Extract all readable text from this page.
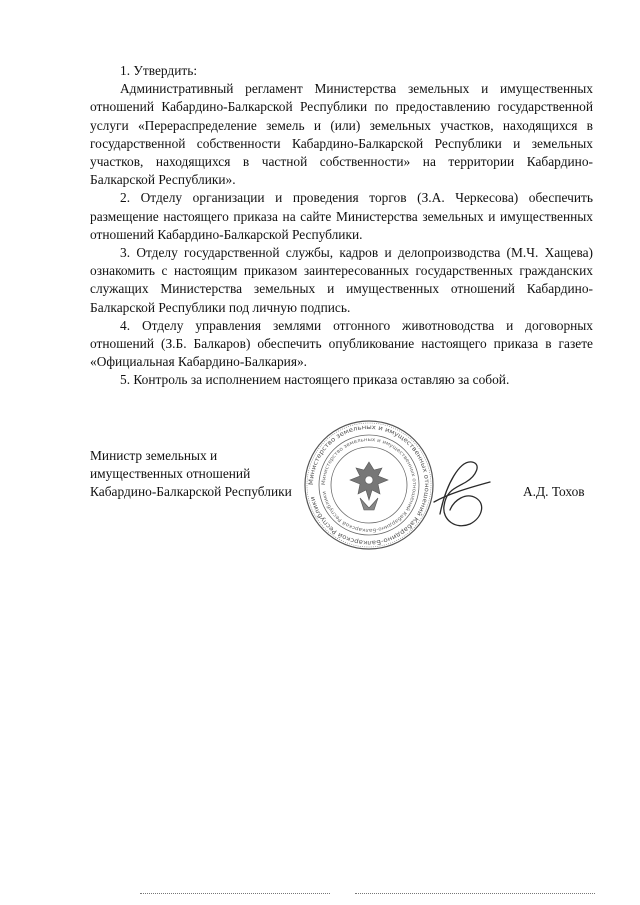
1. Утвердить:

Административный регламент Министерства земельных и имущественных отношений Кабардино-Балкарской Республики по предоставлению государственной услуги «Перераспределение земель и (или) земельных участков, находящихся в государственной собственности Кабардино-Балкарской Республики и земельных участков, находящихся в частной собственности» на территории Кабардино-Балкарской Республики».

2. Отделу организации и проведения торгов (З.А. Черкесова) обеспечить размещение настоящего приказа на сайте Министерства земельных и имущественных отношений Кабардино-Балкарской Республики.

3. Отделу государственной службы, кадров и делопроизводства (М.Ч. Хащева) ознакомить с настоящим приказом заинтересованных государственных гражданских служащих Министерства земельных и имущественных отношений Кабардино-Балкарской Республики под личную подпись.

4. Отделу управления землями отгонного животноводства и договорных отношений (З.Б. Балкаров) обеспечить опубликование настоящего приказа в газете «Официальная Кабардино-Балкария».

5. Контроль за исполнением настоящего приказа оставляю за собой.

Министр земельных и
имущественных отношений
Кабардино-Балкарской Республики
Министерство земельных и имущественных отношений Кабардино-Балкарской Республики
Министерство земельных и имущественных отношений Кабардино-Балкарской Республики	А.Д. Тохов
